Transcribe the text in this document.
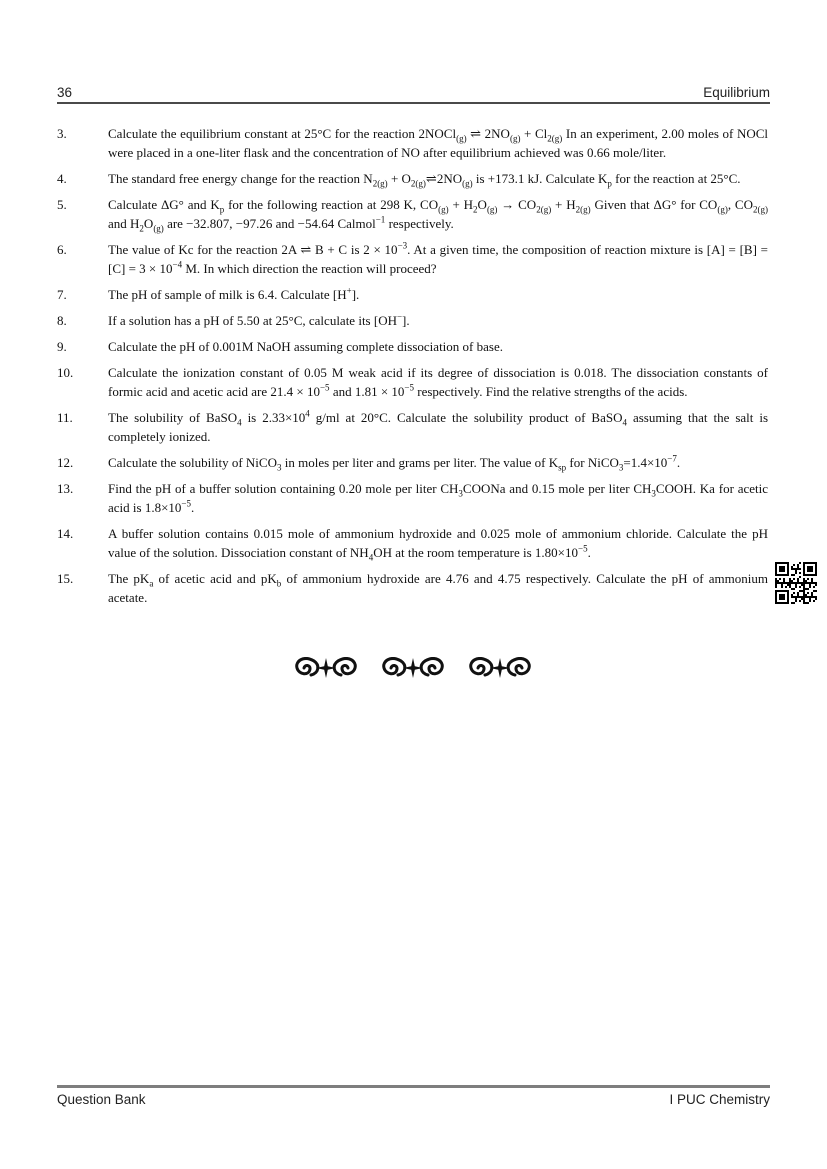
36	Equilibrium
3.	Calculate the equilibrium constant at 25°C for the reaction 2NOCl$_{(g)}$ ⇌ $2NO_{(g)} + Cl_{2(g)}$ In an experiment, 2.00 moles of NOCl were placed in a one-liter flask and the concentration of NO after equilibrium achieved was 0.66 mole/liter.
4.	The standard free energy change for the reaction $N_{2(g)}$ + $O_{2(g)}\rightleftharpoons 2NO_{(g)}$ is +173.1 kJ. Calculate $K_p$ for the reaction at 25°C.
5.	Calculate ΔG° and $K_p$ for the following reaction at 298 K, $CO_{(g)} + H_2O_{(g)} \to CO_{2(g)} + H_{2(g)}$ Given that ΔG° for $CO_{(g)}$, $CO_{2(g)}$ and $H_2O_{(g)}$ are −32.807, −97.26 and −54.64 Calmol$^{-1}$ respectively.
6.	The value of Kc for the reaction 2A ⇌ B + C is $2 \times 10^{-3}$. At a given time, the composition of reaction mixture is $[A] = [B] = [C] = 3 \times 10^{-4}$ M. In which direction the reaction will proceed?
7.	The pH of sample of milk is 6.4. Calculate [H+].
8.	If a solution has a pH of 5.50 at 25°C, calculate its [OH−].
9.	Calculate the pH of 0.001M NaOH assuming complete dissociation of base.
10.	Calculate the ionization constant of 0.05 M weak acid if its degree of dissociation is 0.018. The dissociation constants of formic acid and acetic acid are $21.4 \times 10^{-5}$ and $1.81 \times 10^{-5}$ respectively. Find the relative strengths of the acids.
11.	The solubility of BaSO$_4$ is $2.33\times 10^4$ g/ml at 20°C. Calculate the solubility product of BaSO$_4$ assuming that the salt is completely ionized.
12.	Calculate the solubility of NiCO$_3$ in moles per liter and grams per liter. The value of $K_{sp}$ for $NiCO_3=1.4\times 10^{-7}$.
13.	Find the pH of a buffer solution containing 0.20 mole per liter $CH_3COONa$ and 0.15 mole per liter $CH_3COOH$. Ka for acetic acid is $1.8\times 10^{-5}$.
14.	A buffer solution contains 0.015 mole of ammonium hydroxide and 0.025 mole of ammonium chloride. Calculate the pH value of the solution. Dissociation constant of $NH_4OH$ at the room temperature is $1.80\times 10^{-5}$.
15.	The $pK_a$ of acetic acid and $pK_b$ of ammonium hydroxide are 4.76 and 4.75 respectively. Calculate the pH of ammonium acetate.
Question Bank	I PUC Chemistry
